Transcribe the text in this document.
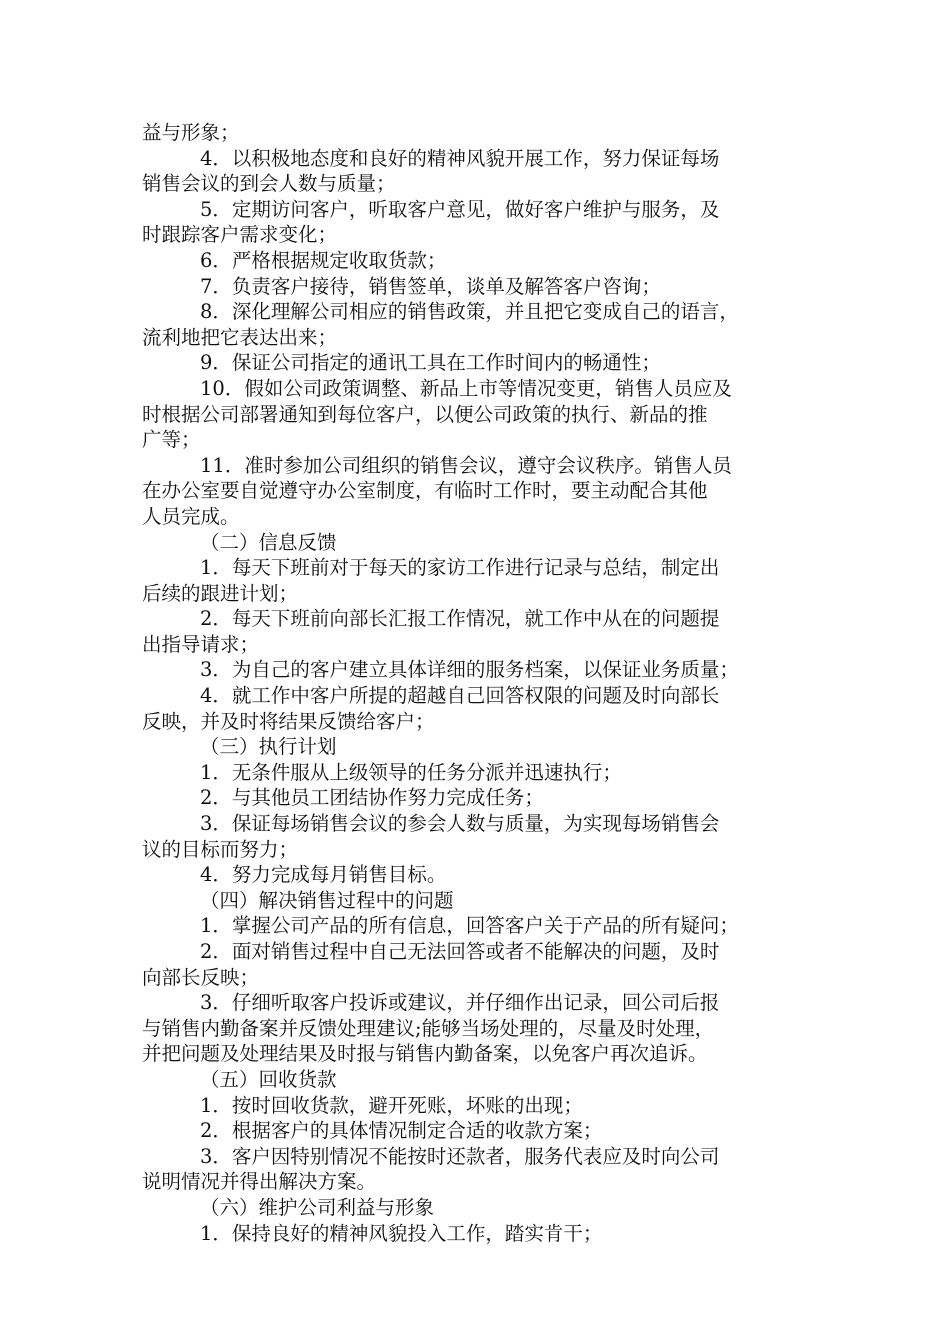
益与形象；
4．以积极地态度和良好的精神风貌开展工作，努力保证每场
销售会议的到会人数与质量；
5．定期访问客户，听取客户意见，做好客户维护与服务，及
时跟踪客户需求变化；
6．严格根据规定收取货款；
7．负责客户接待，销售签单，谈单及解答客户咨询；
8．深化理解公司相应的销售政策，并且把它变成自己的语言，
流利地把它表达出来；
9．保证公司指定的通讯工具在工作时间内的畅通性；
10．假如公司政策调整、新品上市等情况变更，销售人员应及
时根据公司部署通知到每位客户，以便公司政策的执行、新品的推
广等；
11．准时参加公司组织的销售会议，遵守会议秩序。销售人员
在办公室要自觉遵守办公室制度，有临时工作时，要主动配合其他
人员完成。
（二）信息反馈
1．每天下班前对于每天的家访工作进行记录与总结，制定出
后续的跟进计划；
2．每天下班前向部长汇报工作情况，就工作中从在的问题提
出指导请求；
3．为自己的客户建立具体详细的服务档案，以保证业务质量；
4．就工作中客户所提的超越自己回答权限的问题及时向部长
反映，并及时将结果反馈给客户；
（三）执行计划
1．无条件服从上级领导的任务分派并迅速执行；
2．与其他员工团结协作努力完成任务；
3．保证每场销售会议的参会人数与质量，为实现每场销售会
议的目标而努力；
4．努力完成每月销售目标。
（四）解决销售过程中的问题
1．掌握公司产品的所有信息，回答客户关于产品的所有疑问；
2．面对销售过程中自己无法回答或者不能解决的问题，及时
向部长反映；
3．仔细听取客户投诉或建议，并仔细作出记录，回公司后报
与销售内勤备案并反馈处理建议;能够当场处理的，尽量及时处理，
并把问题及处理结果及时报与销售内勤备案，以免客户再次追诉。
（五）回收货款
1．按时回收货款，避开死账，坏账的出现；
2．根据客户的具体情况制定合适的收款方案；
3．客户因特别情况不能按时还款者，服务代表应及时向公司
说明情况并得出解决方案。
（六）维护公司利益与形象
1．保持良好的精神风貌投入工作，踏实肯干；
